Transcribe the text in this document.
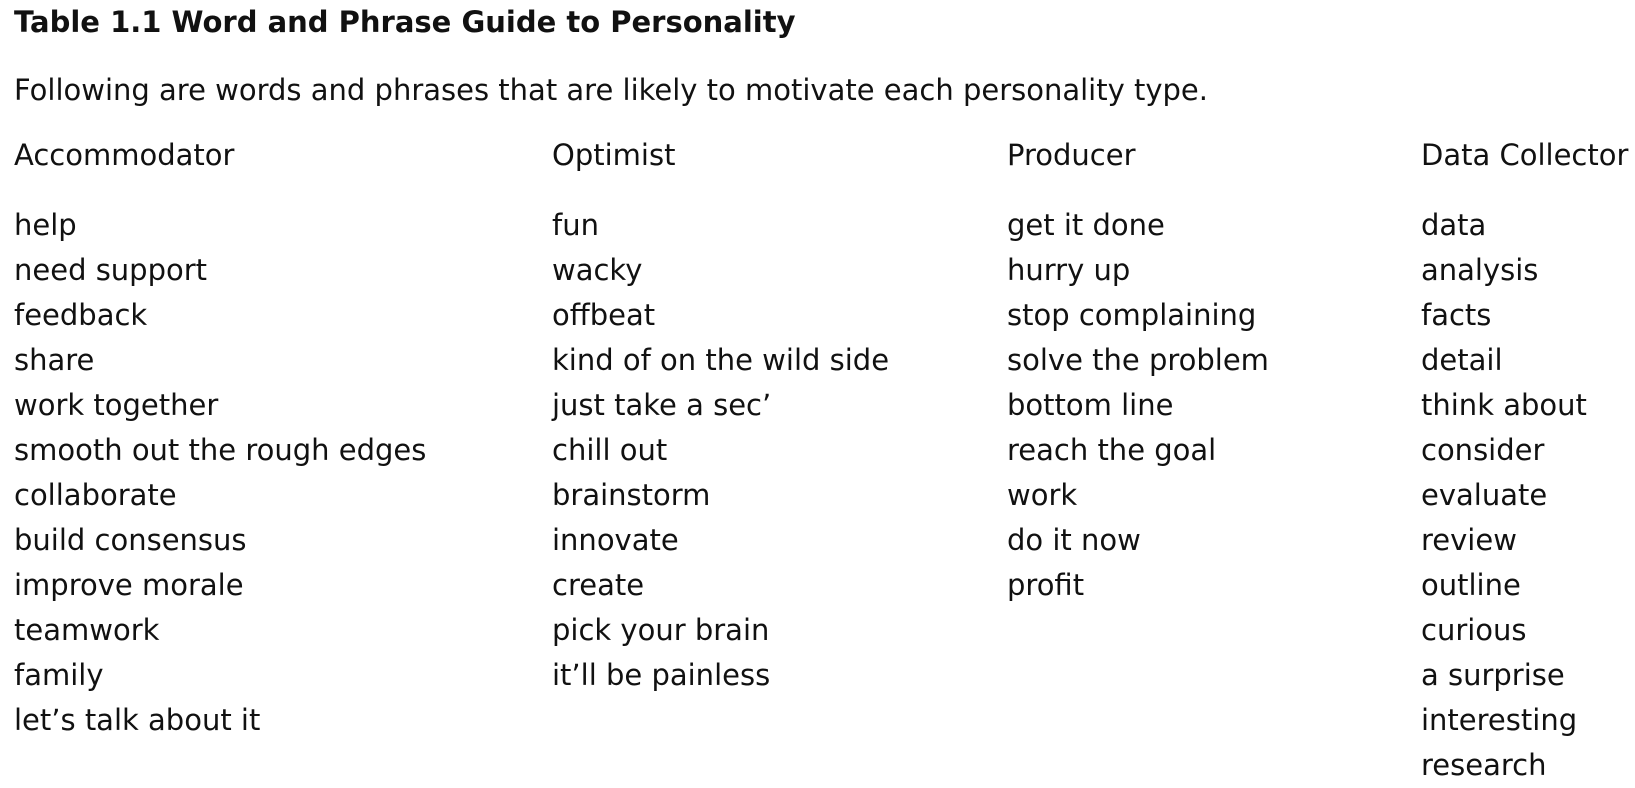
Table 1.1 Word and Phrase Guide to Personality
Following are words and phrases that are likely to motivate each personality type.
Accommodator
help
need support
feedback
share
work together
smooth out the rough edges
collaborate
build consensus
improve morale
teamwork
family
let’s talk about it
Optimist
fun
wacky
offbeat
kind of on the wild side
just take a sec’
chill out
brainstorm
innovate
create
pick your brain
it’ll be painless
Producer
get it done
hurry up
stop complaining
solve the problem
bottom line
reach the goal
work
do it now
profit
Data Collector
data
analysis
facts
detail
think about
consider
evaluate
review
outline
curious
a surprise
interesting
research
